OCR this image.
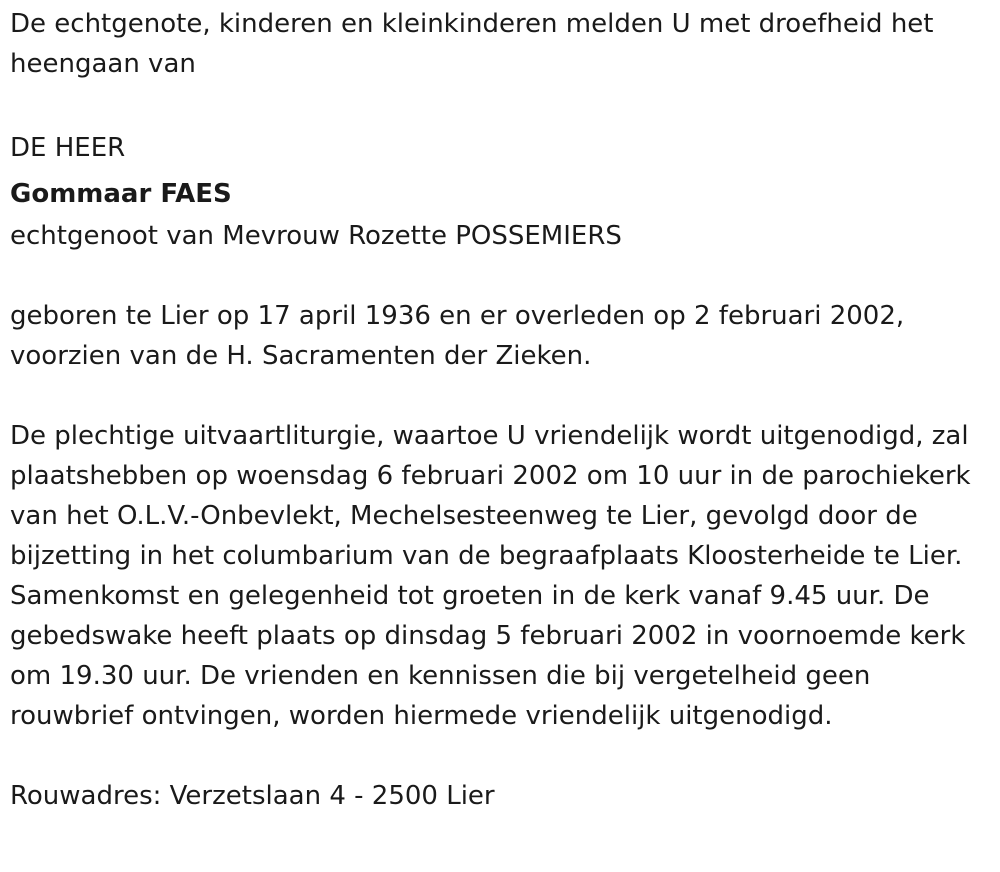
De echtgenote, kinderen en kleinkinderen melden U met droefheid het heengaan van

DE HEER

Gommaar FAES

echtgenoot van Mevrouw Rozette POSSEMIERS

geboren te Lier op 17 april 1936 en er overleden op 2 februari 2002, voorzien van de H. Sacramenten der Zieken.

De plechtige uitvaartliturgie, waartoe U vriendelijk wordt uitgenodigd, zal plaatshebben op woensdag 6 februari 2002 om 10 uur in de parochiekerk van het O.L.V.-Onbevlekt, Mechelsesteenweg te Lier, gevolgd door de bijzetting in het columbarium van de begraafplaats Kloosterheide te Lier. Samenkomst en gelegenheid tot groeten in de kerk vanaf 9.45 uur. De gebedswake heeft plaats op dinsdag 5 februari 2002 in voornoemde kerk om 19.30 uur. De vrienden en kennissen die bij vergetelheid geen rouwbrief ontvingen, worden hiermede vriendelijk uitgenodigd.

Rouwadres: Verzetslaan 4 - 2500 Lier
